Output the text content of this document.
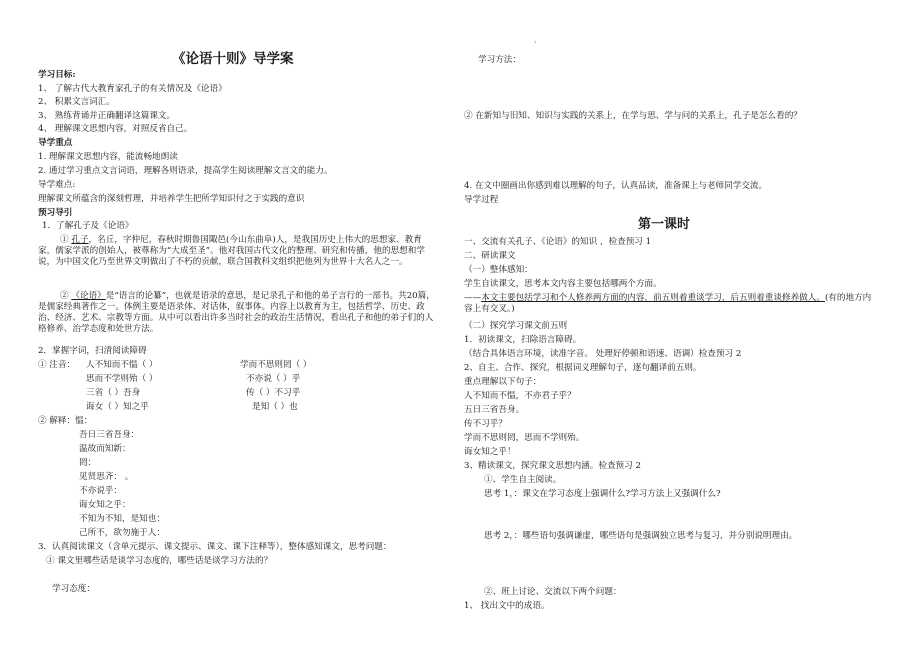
《论语十则》导学案
学习目标:
1、 了解古代大教育家孔子的有关情况及《论语》
2、 积累文言词汇。
3、 熟练背诵并正确翻译这篇课文。
4、 理解课文思想内容，对照反省自己。
导学重点
1. 理解课文思想内容，能流畅地朗读
2. 通过学习重点文言词语，理解各则语录，提高学生阅读理解文言文的能力。
导学难点:
理解课文所蕴含的深刻哲理，并培养学生把所学知识付之于实践的意识
预习导引
1．了解孔子及《论语》
① 孔子，名丘，字仲尼，春秋时期鲁国陬邑(今山东曲阜)人，是我国历史上伟大的思想家、教育家，儒家学派的创始人，被尊称为“大成至圣”。他对我国古代文化的整理、研究和传播，他的思想和学说，为中国文化乃至世界文明做出了不朽的贡献，联合国教科文组织把他列为世界十大名人之一。
② 《论语》是“语言的论纂”，也就是语录的意思，是记录孔子和他的弟子言行的一部书。共20篇，是儒家经典著作之一。体例主要是语录体、对话体，叙事体。内容上以教育为主，包括哲学、历史、政治、经济、艺术、宗教等方面。从中可以看出许多当时社会的政治生活情况，看出孔子和他的弟子们的人格修养、治学态度和处世方法。
2．掌握字词，扫清阅读障碍
① 注音： 人不知而不愠（ ）	学而不思则罔（ ）
思而不学则殆（ ）	不亦说（ ）乎
三省（ ）吾身	传（ ）不习乎
诲女（ ）知之乎	是知（ ）也
② 解释：愠：
吾日三省吾身：
温故而知新：
罔：
见贤思齐： 。
不亦说乎：
诲女知之乎：
不知为不知，是知也：
己所不，欲勿施于人：
3．认真阅读课文（含单元提示、课文提示、课文、课下注释等），整体感知课文，思考问题：
① 课文里哪些话是谈学习态度的，哪些话是谈学习方法的？
学习态度：
'
学习方法：
② 在新知与旧知、知识与实践的关系上，在学与思、学与问的关系上，孔子是怎么看的？
4. 在文中圈画出你感到难以理解的句子，认真品读，准备课上与老师同学交流。
导学过程
第一课时
一、交流有关孔子、《论语》的知识 ，检查预习 1
二、研读课文
（一）整体感知：
学生自读课文，思考本文内容主要包括哪两个方面。
——本文主要包括学习和个人修养两方面的内容，前五则着重谈学习，后五则着重谈修养做人。(有的地方内容上有交叉。)
（二）探究学习课文前五则
1．初读课文，扫除语言障碍。
（结合具体语言环境，读准字音。 处理好停顿和语速、语调）检查预习 2
2、自主、合作、探究，根据词义理解句子，逐句翻译前五则。
重点理解以下句子：
人不知而不愠，不亦君子乎？
五日三省吾身。
传不习乎？
学而不思则罔，思而不学则殆。
诲女知之乎！
3、精读课文，探究课文思想内涵。检查预习 2
①、学生自主阅读。
思考 1，：课文在学习态度上强调什么?学习方法上又强调什么?
思考 2，：哪些语句强调谦虚，哪些语句是强调独立思考与复习，并分别说明理由。
②、班上讨论、交流以下两个问题：
1、 找出文中的成语。
